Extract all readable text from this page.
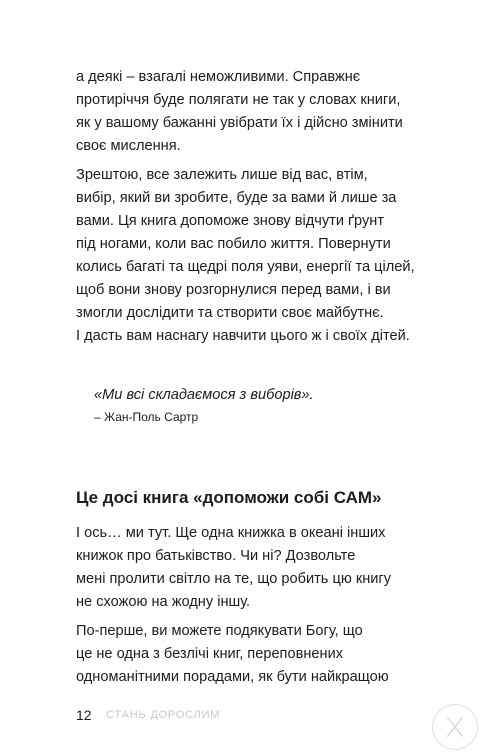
а деякі – взагалі неможливими. Справжнє
протиріччя буде полягати не так у словах книги,
як у вашому бажанні увібрати їх і дійсно змінити
своє мислення.

Зрештою, все залежить лише від вас, втім,
вибір, який ви зробите, буде за вами й лише за
вами. Ця книга допоможе знову відчути ґрунт
під ногами, коли вас побило життя. Повернути
колись багаті та щедрі поля уяви, енергії та цілей,
щоб вони знову розгорнулися перед вами, і ви
змогли дослідити та створити своє майбутнє.
І дасть вам наснагу навчити цього ж і своїх дітей.

«Ми всі складаємося з виборів».
– Жан-Поль Сартр
Це досі книга «допоможи собі САМ»

І ось… ми тут. Ще одна книжка в океані інших
книжок про батьківство. Чи ні? Дозвольте
мені пролити світло на те, що робить цю книгу
не схожою на жодну іншу.

По-перше, ви можете подякувати Богу, що
це не одна з безлічі книг, переповнених
одноманітними порадами, як бути найкращою

12 СТАНЬ ДОРОСЛИМ
